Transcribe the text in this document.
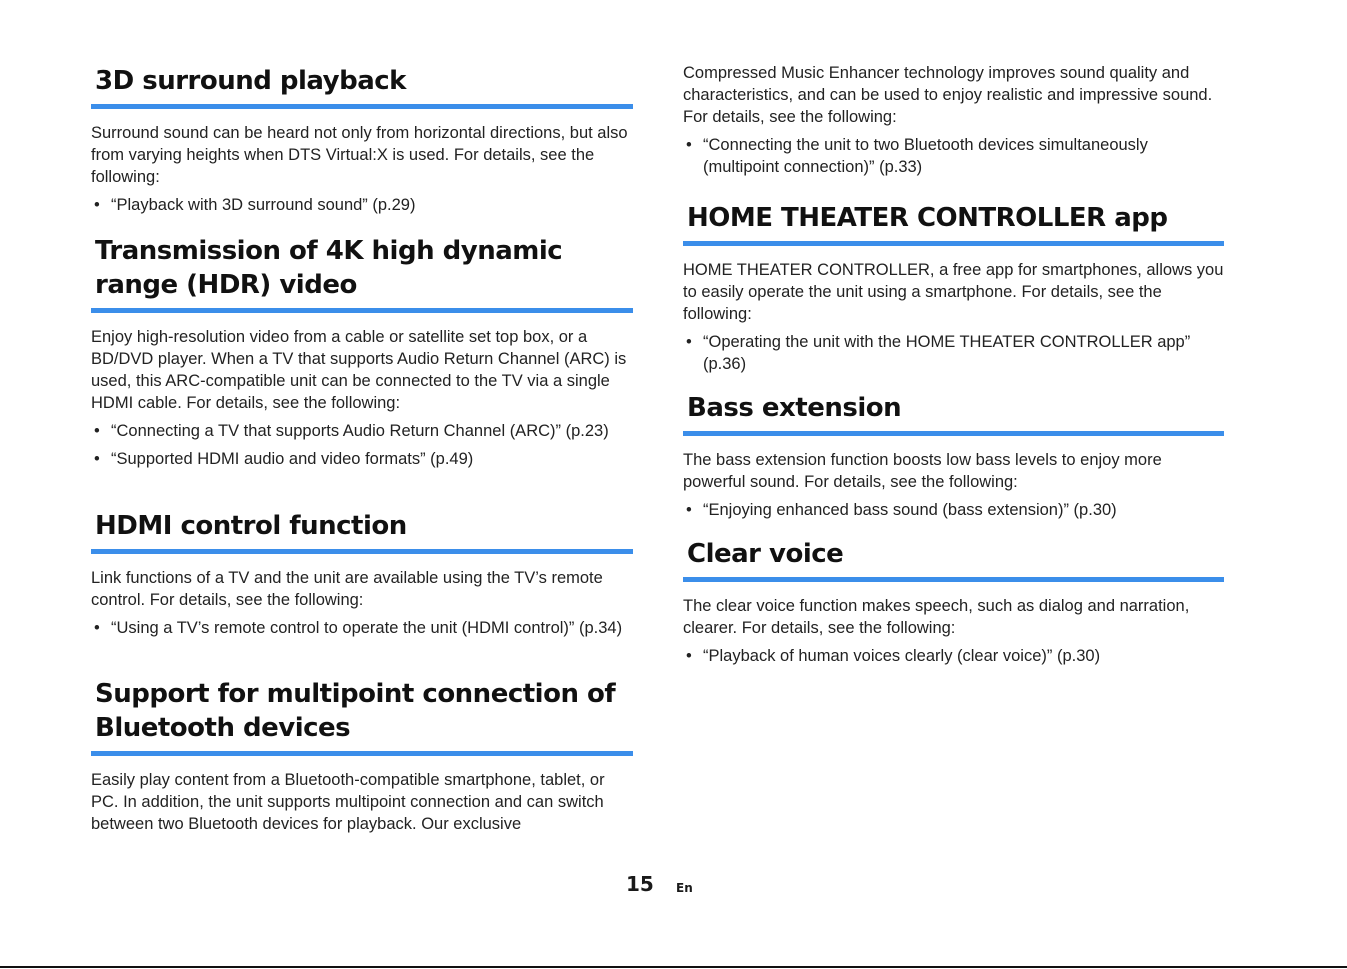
3D surround playback

Surround sound can be heard not only from horizontal directions, but also from varying heights when DTS Virtual:X is used. For details, see the following:

• “Playback with 3D surround sound” (p.29)
Transmission of 4K high dynamic range (HDR) video

Enjoy high-resolution video from a cable or satellite set top box, or a BD/DVD player. When a TV that supports Audio Return Channel (ARC) is used, this ARC-compatible unit can be connected to the TV via a single HDMI cable. For details, see the following:

• “Connecting a TV that supports Audio Return Channel (ARC)” (p.23)
• “Supported HDMI audio and video formats” (p.49)
HDMI control function

Link functions of a TV and the unit are available using the TV’s remote control. For details, see the following:

• “Using a TV’s remote control to operate the unit (HDMI control)” (p.34)
Support for multipoint connection of Bluetooth devices

Easily play content from a Bluetooth-compatible smartphone, tablet, or PC. In addition, the unit supports multipoint connection and can switch between two Bluetooth devices for playback. Our exclusive

Compressed Music Enhancer technology improves sound quality and characteristics, and can be used to enjoy realistic and impressive sound. For details, see the following:

• “Connecting the unit to two Bluetooth devices simultaneously (multipoint connection)” (p.33)
HOME THEATER CONTROLLER app

HOME THEATER CONTROLLER, a free app for smartphones, allows you to easily operate the unit using a smartphone. For details, see the following:

• “Operating the unit with the HOME THEATER CONTROLLER app” (p.36)
Bass extension

The bass extension function boosts low bass levels to enjoy more powerful sound. For details, see the following:

• “Enjoying enhanced bass sound (bass extension)” (p.30)
Clear voice

The clear voice function makes speech, such as dialog and narration, clearer. For details, see the following:

• “Playback of human voices clearly (clear voice)” (p.30)
15 En
